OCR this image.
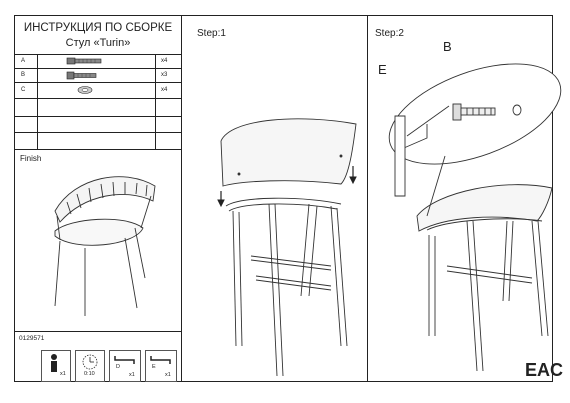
ИНСТРУКЦИЯ ПО СБОРКЕ
Стул «Turin»
A	x4
B	x3
C	x4
Finish
0129571
x1	0:10
D
x1
E
x1
Step:1	Step:2
B
E
EAC
